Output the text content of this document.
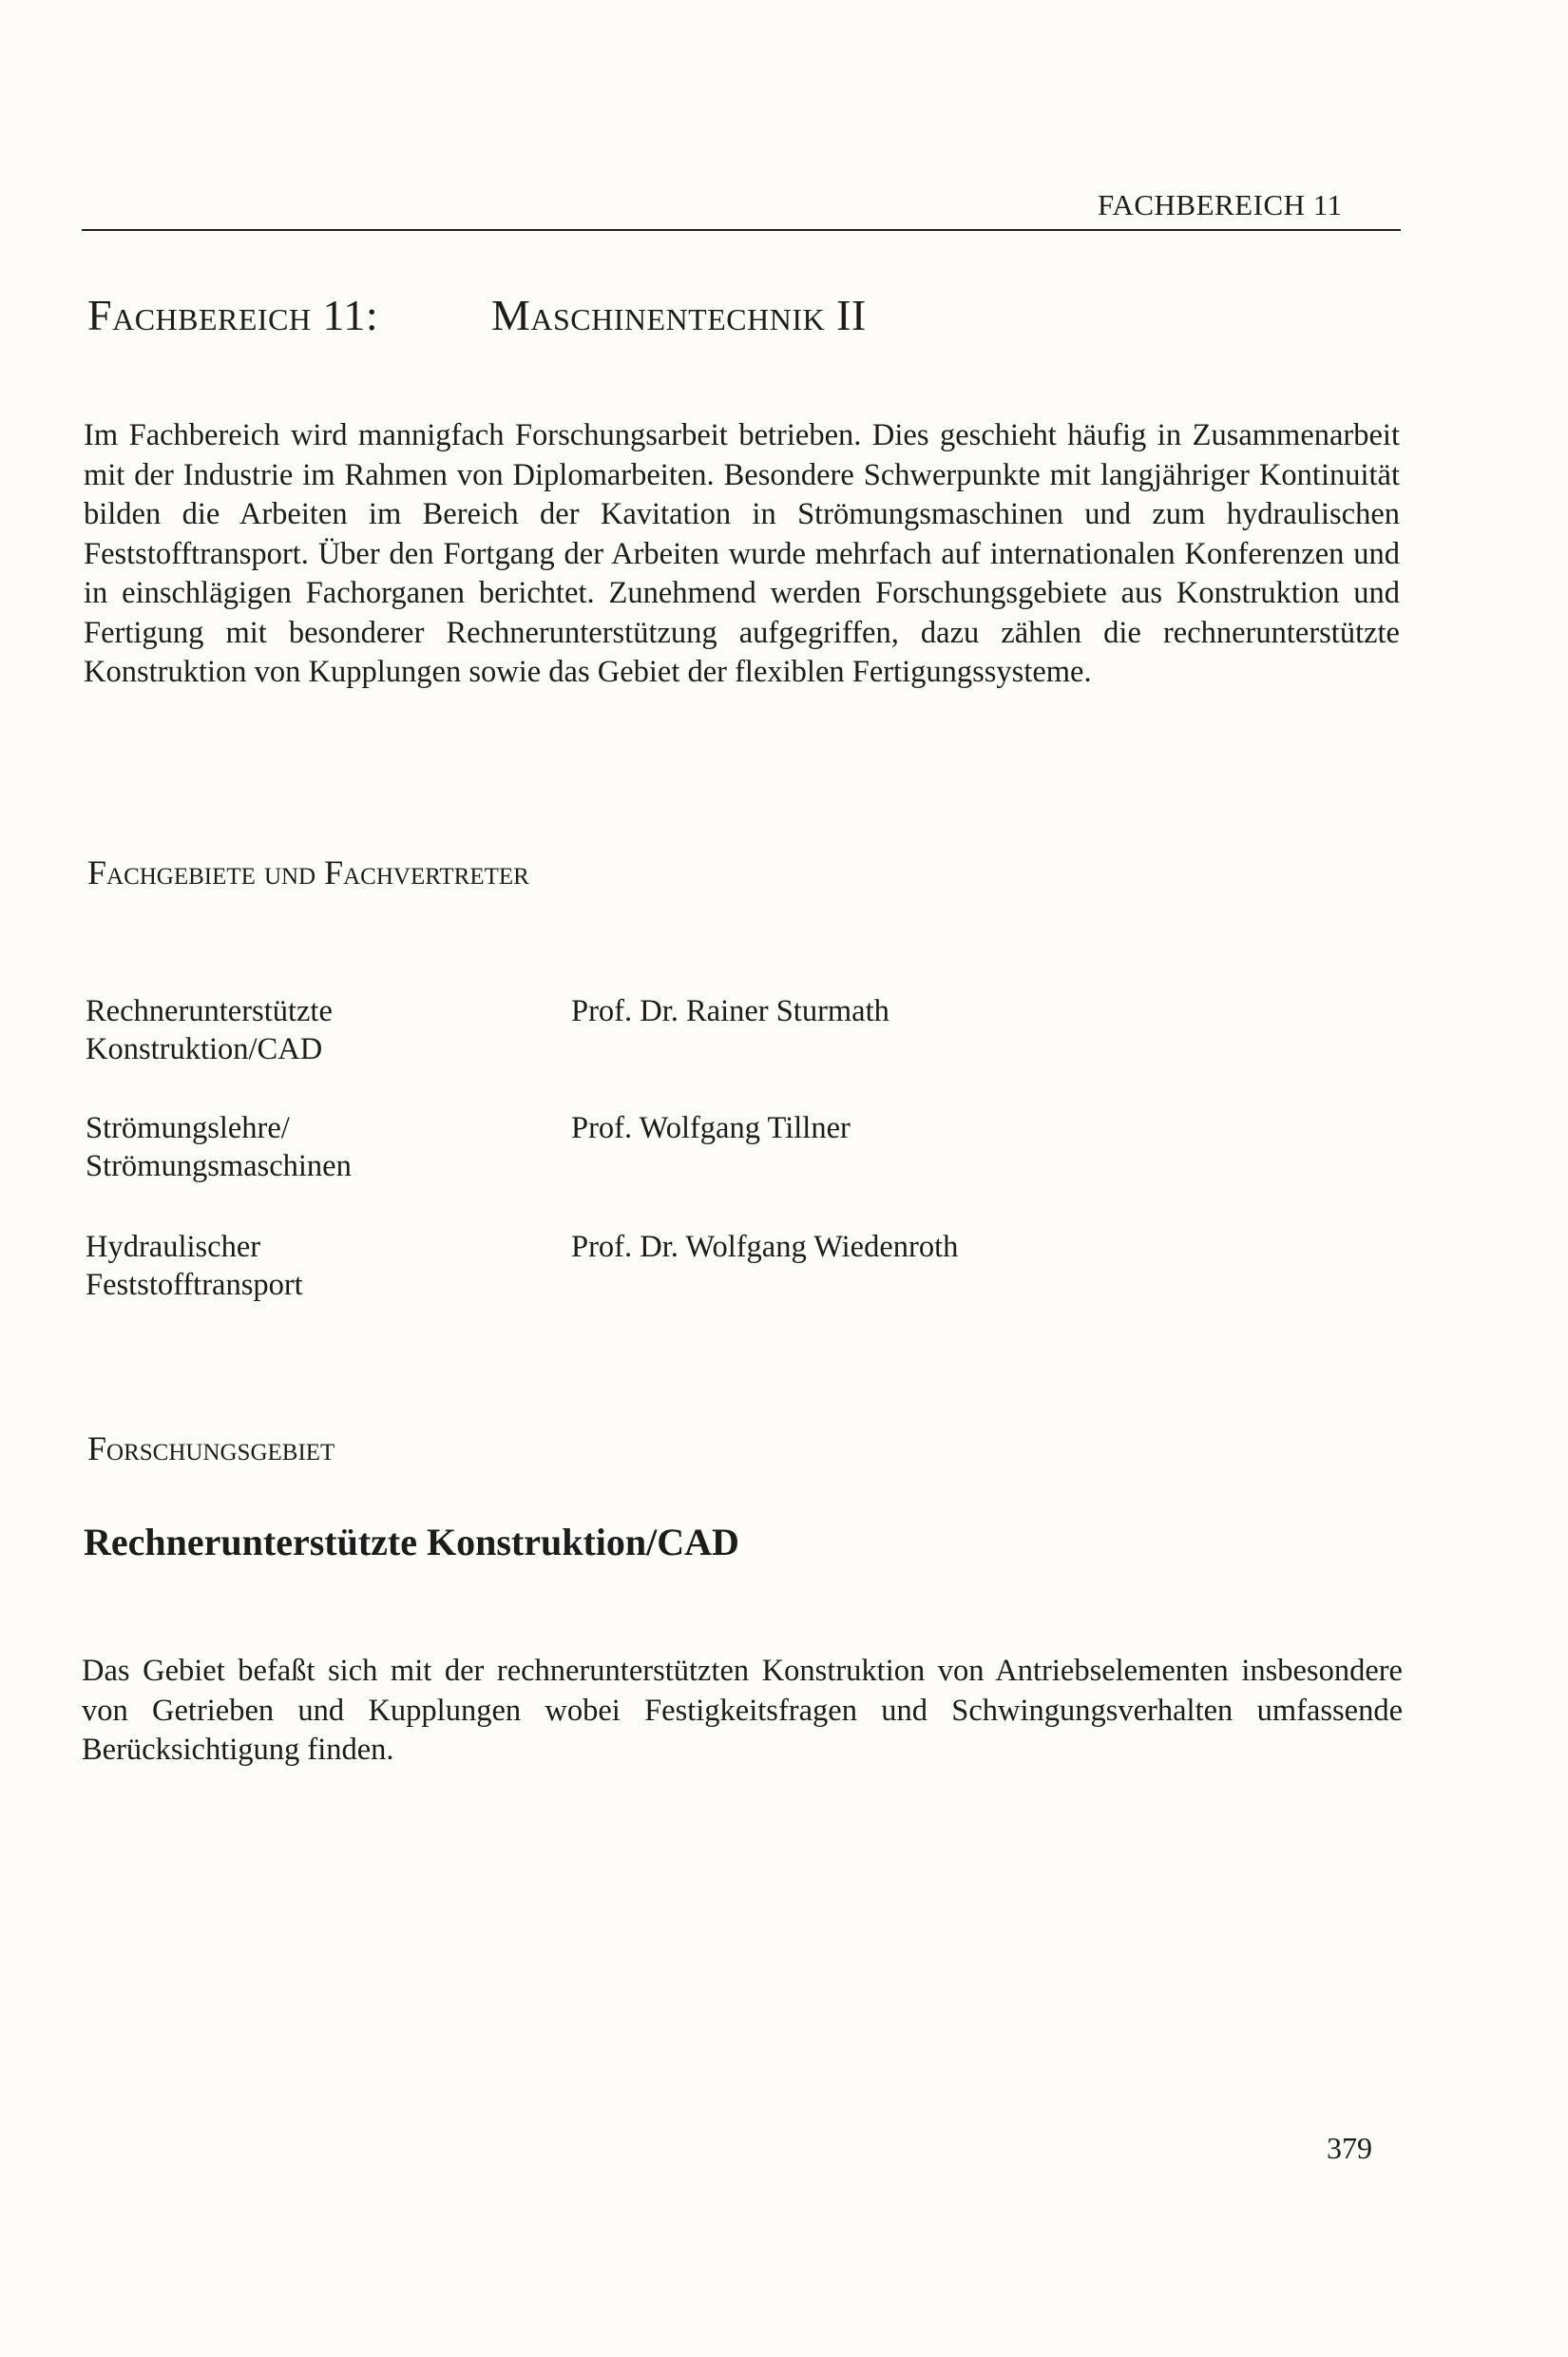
FACHBEREICH 11
Fachbereich 11:	Maschinentechnik II

Im Fachbereich wird mannigfach Forschungsarbeit betrieben. Dies geschieht häufig in Zusammenarbeit mit der Industrie im Rahmen von Diplomarbeiten. Besondere Schwerpunkte mit langjähriger Kontinuität bilden die Arbeiten im Bereich der Kavitation in Strömungsmaschinen und zum hydraulischen Feststofftransport. Über den Fortgang der Arbeiten wurde mehrfach auf internationalen Konferenzen und in einschlägigen Fachorganen berichtet. Zunehmend werden Forschungsgebiete aus Konstruktion und Fertigung mit besonderer Rechnerunterstützung aufgegriffen, dazu zählen die rechnerunterstützte Konstruktion von Kupplungen sowie das Gebiet der flexiblen Fertigungssysteme.

Fachgebiete und Fachvertreter
Rechnerunterstützte
Konstruktion/CAD
Prof. Dr. Rainer Sturmath
Strömungslehre/
Strömungsmaschinen
Prof. Wolfgang Tillner
Hydraulischer
Feststofftransport
Prof. Dr. Wolfgang Wiedenroth
Forschungsgebiet
Rechnerunterstützte Konstruktion/CAD

Das Gebiet befaßt sich mit der rechnerunterstützten Konstruktion von Antriebselementen insbesondere von Getrieben und Kupplungen wobei Festigkeitsfragen und Schwingungsverhalten umfassende Berücksichtigung finden.

379
